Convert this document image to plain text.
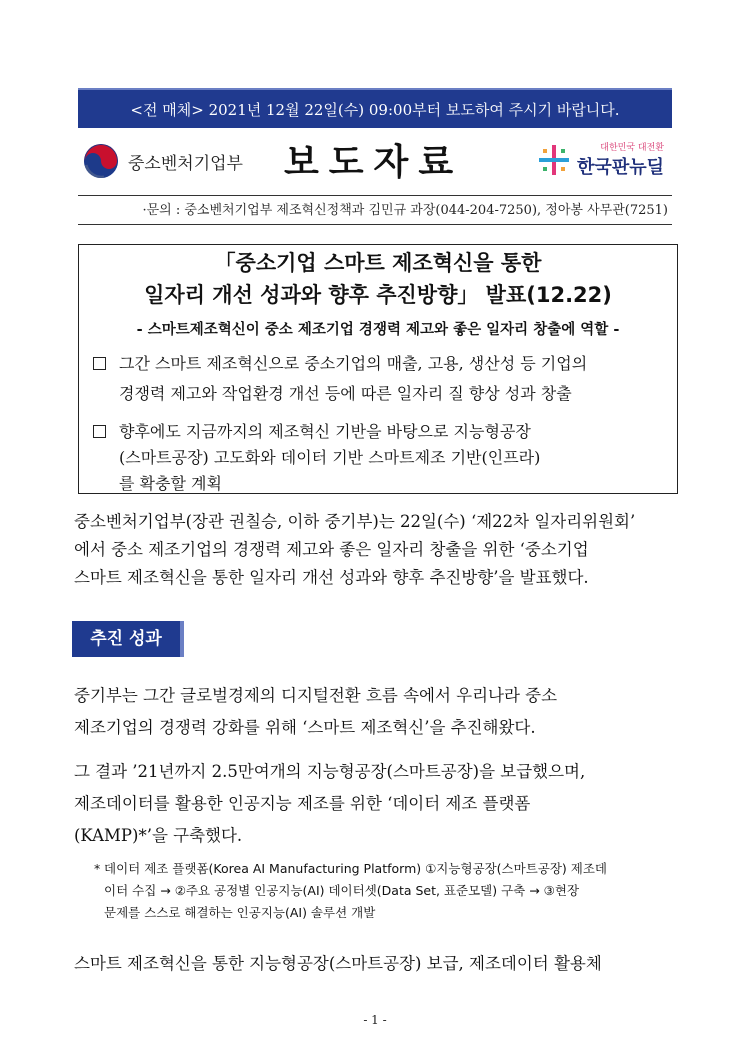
<전 매체> 2021년 12월 22일(수) 09:00부터 보도하여 주시기 바랍니다.
중소벤처기업부 보도자료	대한민국 대전환
한국판뉴딜
·문의 : 중소벤처기업부 제조혁신정책과 김민규 과장(044-204-7250), 정아봉 사무관(7251)
「중소기업 스마트 제조혁신을 통한
일자리 개선 성과와 향후 추진방향」 발표(12.22)
- 스마트제조혁신이 중소 제조기업 경쟁력 제고와 좋은 일자리 창출에 역할 -
그간 스마트 제조혁신으로 중소기업의 매출, 고용, 생산성 등 기업의
경쟁력 제고와 작업환경 개선 등에 따른 일자리 질 향상 성과 창출
향후에도 지금까지의 제조혁신 기반을 바탕으로 지능형공장
(스마트공장) 고도화와 데이터 기반 스마트제조 기반(인프라)
를 확충할 계획
중소벤처기업부(장관 권칠승, 이하 중기부)는 22일(수) ‘제22차 일자리위원회’
에서 중소 제조기업의 경쟁력 제고와 좋은 일자리 창출을 위한 ‘중소기업
스마트 제조혁신을 통한 일자리 개선 성과와 향후 추진방향’을 발표했다.
추진 성과
중기부는 그간 글로벌경제의 디지털전환 흐름 속에서 우리나라 중소
제조기업의 경쟁력 강화를 위해 ‘스마트 제조혁신’을 추진해왔다.
그 결과 ’21년까지 2.5만여개의 지능형공장(스마트공장)을 보급했으며,
제조데이터를 활용한 인공지능 제조를 위한 ‘데이터 제조 플랫폼
(KAMP)*’을 구축했다.
* 데이터 제조 플랫폼(Korea AI Manufacturing Platform) ①지능형공장(스마트공장) 제조데
이터 수집 → ②주요 공정별 인공지능(AI) 데이터셋(Data Set, 표준모델) 구축 → ③현장
문제를 스스로 해결하는 인공지능(AI) 솔루션 개발
스마트 제조혁신을 통한 지능형공장(스마트공장) 보급, 제조데이터 활용체
- 1 -
